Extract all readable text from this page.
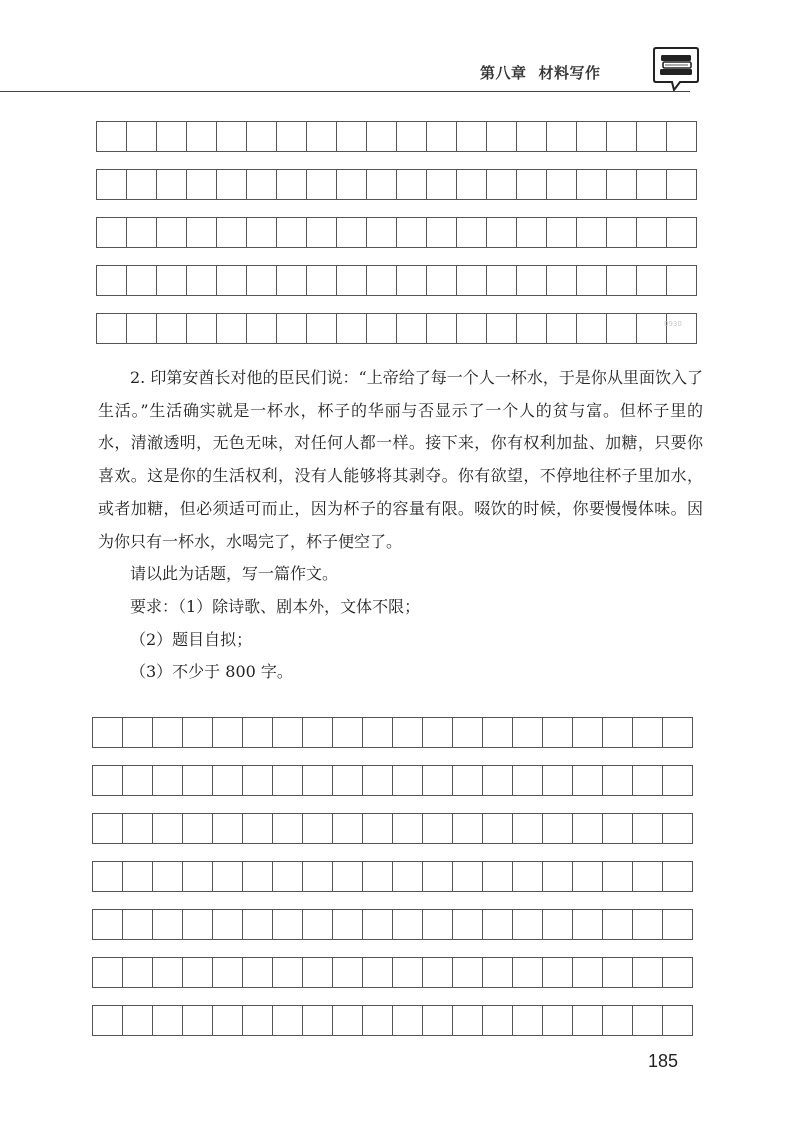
第八章 材料写作
0930

2. 印第安酋长对他的臣民们说：“上帝给了每一个人一杯水，于是你从里面饮入了生活。”生活确实就是一杯水，杯子的华丽与否显示了一个人的贫与富。但杯子里的水，清澈透明，无色无味，对任何人都一样。接下来，你有权利加盐、加糖，只要你喜欢。这是你的生活权利，没有人能够将其剥夺。你有欲望，不停地往杯子里加水，或者加糖，但必须适可而止，因为杯子的容量有限。啜饮的时候，你要慢慢体味。因为你只有一杯水，水喝完了，杯子便空了。

请以此为话题，写一篇作文。

要求：（1）除诗歌、剧本外，文体不限；

（2）题目自拟；

（3）不少于 800 字。

185
